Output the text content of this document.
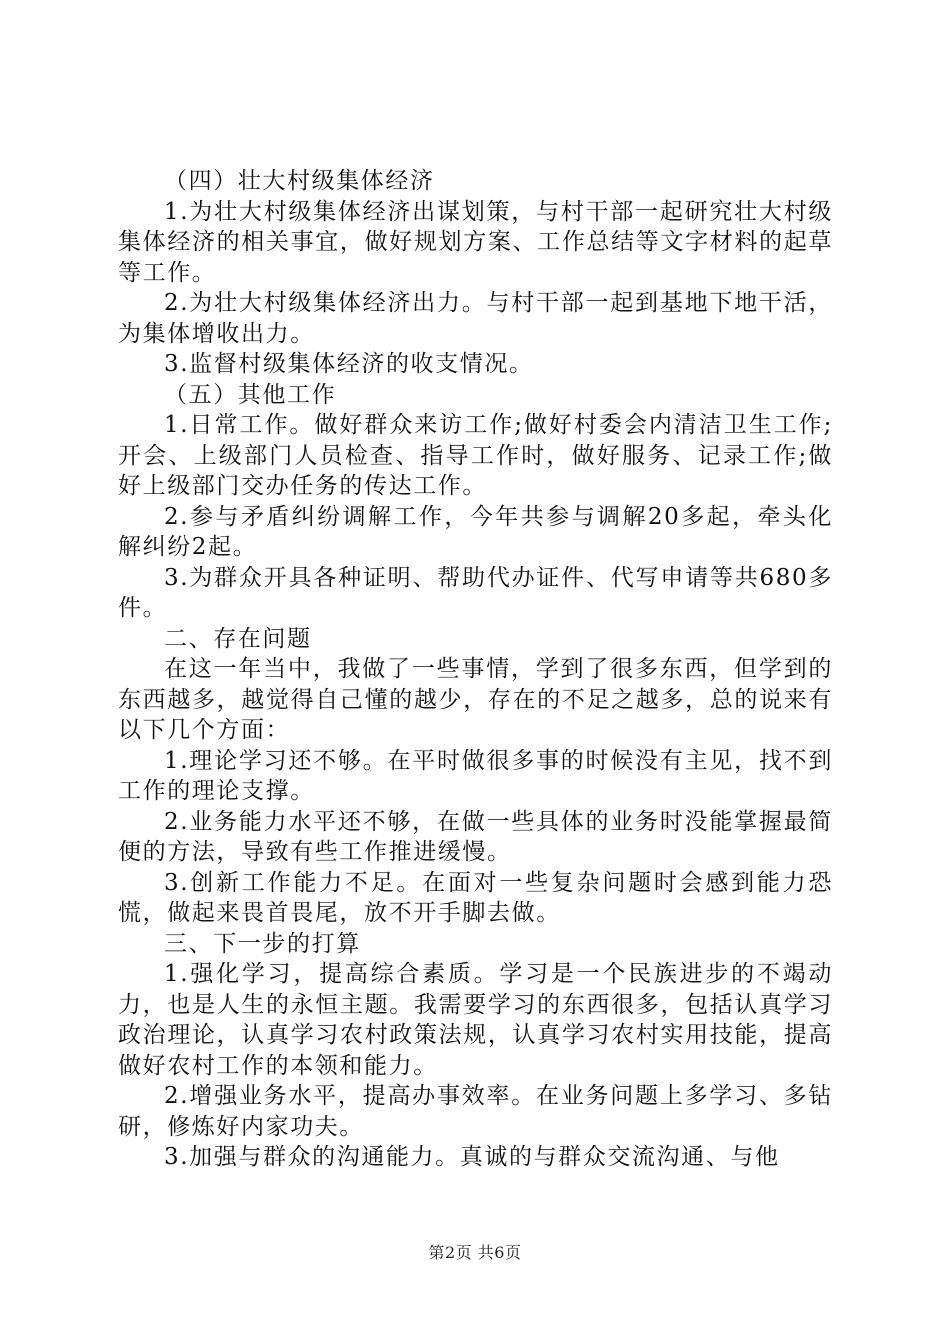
（四）壮大村级集体经济

1.为壮大村级集体经济出谋划策，与村干部一起研究壮大村级集体经济的相关事宜，做好规划方案、工作总结等文字材料的起草等工作。

2.为壮大村级集体经济出力。与村干部一起到基地下地干活，为集体增收出力。

3.监督村级集体经济的收支情况。

（五）其他工作

1.日常工作。做好群众来访工作;做好村委会内清洁卫生工作;开会、上级部门人员检查、指导工作时，做好服务、记录工作;做好上级部门交办任务的传达工作。

2.参与矛盾纠纷调解工作，今年共参与调解20多起，牵头化解纠纷2起。

3.为群众开具各种证明、帮助代办证件、代写申请等共680多件。

二、存在问题

在这一年当中，我做了一些事情，学到了很多东西，但学到的东西越多，越觉得自己懂的越少，存在的不足之越多，总的说来有以下几个方面：

1.理论学习还不够。在平时做很多事的时候没有主见，找不到工作的理论支撑。

2.业务能力水平还不够，在做一些具体的业务时没能掌握最简便的方法，导致有些工作推进缓慢。

3.创新工作能力不足。在面对一些复杂问题时会感到能力恐慌，做起来畏首畏尾，放不开手脚去做。

三、下一步的打算

1.强化学习，提高综合素质。学习是一个民族进步的不竭动力，也是人生的永恒主题。我需要学习的东西很多，包括认真学习政治理论，认真学习农村政策法规，认真学习农村实用技能，提高做好农村工作的本领和能力。

2.增强业务水平，提高办事效率。在业务问题上多学习、多钻研，修炼好内家功夫。

3.加强与群众的沟通能力。真诚的与群众交流沟通、与他

第2页 共6页
